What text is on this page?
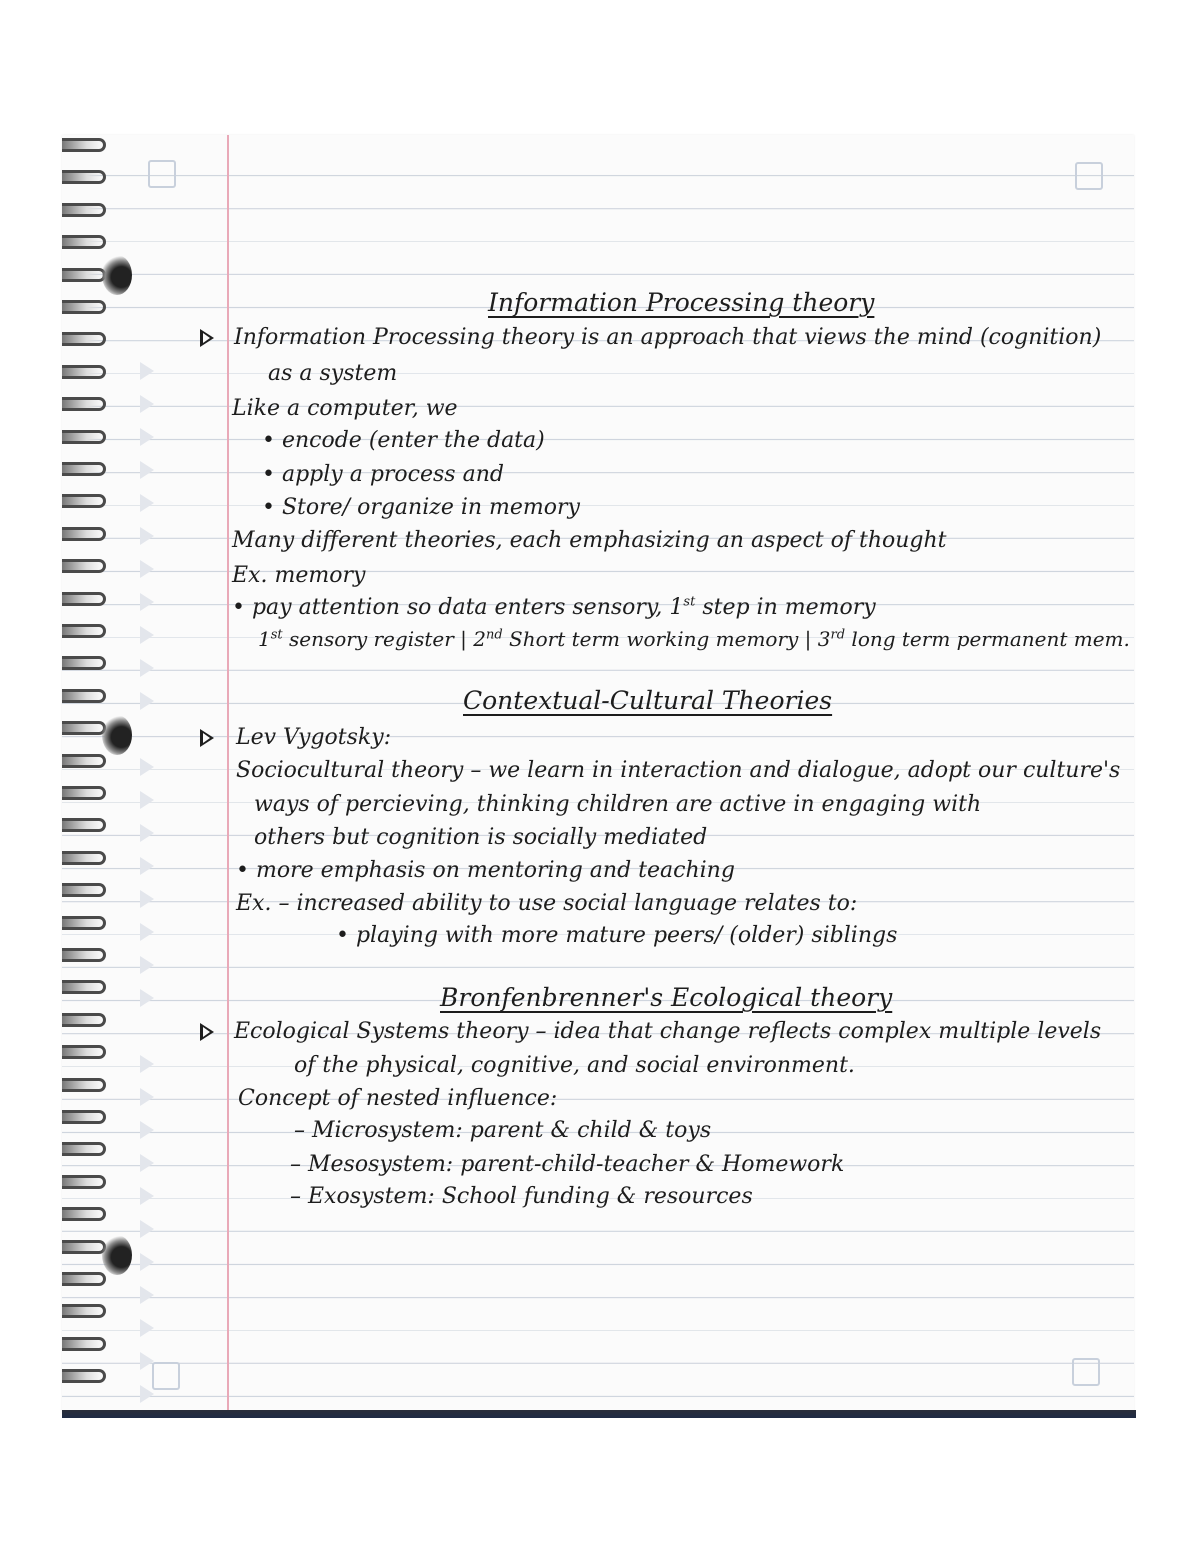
Information Processing theory

Information Processing theory is an approach that views the mind (cognition)

as a system

Like a computer, we

• encode (enter the data)

• apply a process and

• Store/ organize in memory

Many different theories, each emphasizing an aspect of thought

Ex. memory

• pay attention so data enters sensory, 1st step in memory

1st sensory register | 2nd Short term working memory | 3rd long term permanent mem.

Contextual-Cultural Theories

Lev Vygotsky:

Sociocultural theory – we learn in interaction and dialogue, adopt our culture's

ways of percieving, thinking children are active in engaging with

others but cognition is socially mediated

• more emphasis on mentoring and teaching

Ex. – increased ability to use social language relates to:

• playing with more mature peers/ (older) siblings

Bronfenbrenner's Ecological theory

Ecological Systems theory – idea that change reflects complex multiple levels

of the physical, cognitive, and social environment.

Concept of nested influence:

– Microsystem: parent & child & toys

– Mesosystem: parent-child-teacher & Homework

– Exosystem: School funding & resources
